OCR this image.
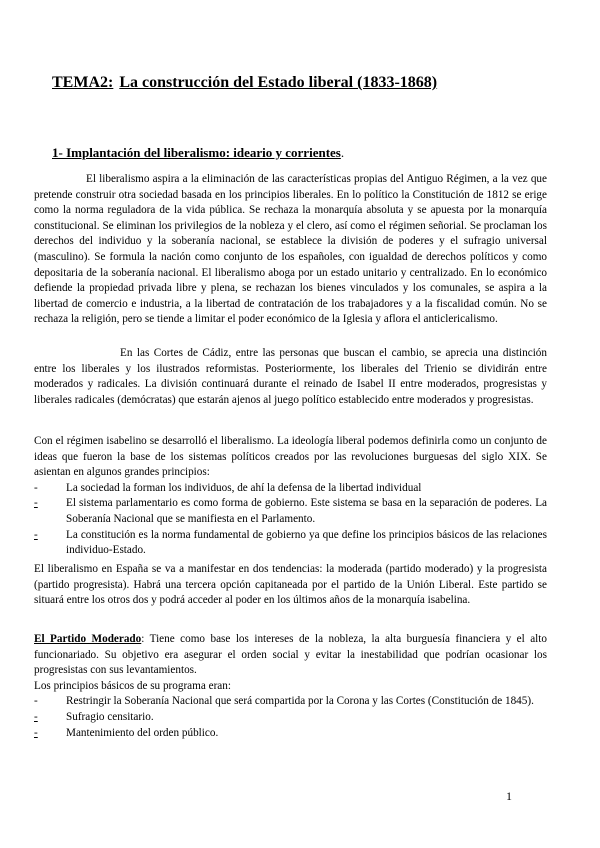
TEMA2: La construcción del Estado liberal (1833-1868)
1- Implantación del liberalismo: ideario y corrientes.
El liberalismo aspira a la eliminación de las características propias del Antiguo Régimen, a la vez que pretende construir otra sociedad basada en los principios liberales. En lo político la Constitución de 1812 se erige como la norma reguladora de la vida pública. Se rechaza la monarquía absoluta y se apuesta por la monarquía constitucional. Se eliminan los privilegios de la nobleza y el clero, así como el régimen señorial. Se proclaman los derechos del individuo y la soberanía nacional, se establece la división de poderes y el sufragio universal (masculino). Se formula la nación como conjunto de los españoles, con igualdad de derechos políticos y como depositaria de la soberanía nacional. El liberalismo aboga por un estado unitario y centralizado. En lo económico defiende la propiedad privada libre y plena, se rechazan los bienes vinculados y los comunales, se aspira a la libertad de comercio e industria, a la libertad de contratación de los trabajadores y a la fiscalidad común. No se rechaza la religión, pero se tiende a limitar el poder económico de la Iglesia y aflora el anticlericalismo.
En las Cortes de Cádiz, entre las personas que buscan el cambio, se aprecia una distinción entre los liberales y los ilustrados reformistas. Posteriormente, los liberales del Trienio se dividirán entre moderados y radicales. La división continuará durante el reinado de Isabel II entre moderados, progresistas y liberales radicales (demócratas) que estarán ajenos al juego político establecido entre moderados y progresistas.
Con el régimen isabelino se desarrolló el liberalismo. La ideología liberal podemos definirla como un conjunto de ideas que fueron la base de los sistemas políticos creados por las revoluciones burguesas del siglo XIX. Se asientan en algunos grandes principios:
-	La sociedad la forman los individuos, de ahí la defensa de la libertad individual
-	El sistema parlamentario es como forma de gobierno. Este sistema se basa en la separación de poderes. La Soberanía Nacional que se manifiesta en el Parlamento.
-	La constitución es la norma fundamental de gobierno ya que define los principios básicos de las relaciones individuo-Estado.
El liberalismo en España se va a manifestar en dos tendencias: la moderada (partido moderado) y la progresista (partido progresista). Habrá una tercera opción capitaneada por el partido de la Unión Liberal. Este partido se situará entre los otros dos y podrá acceder al poder en los últimos años de la monarquía isabelina.
El Partido Moderado: Tiene como base los intereses de la nobleza, la alta burguesía financiera y el alto funcionariado. Su objetivo era asegurar el orden social y evitar la inestabilidad que podrían ocasionar los progresistas con sus levantamientos.
Los principios básicos de su programa eran:
-	Restringir la Soberanía Nacional que será compartida por la Corona y las Cortes (Constitución de 1845).
-	Sufragio censitario.
-	Mantenimiento del orden público.
1
